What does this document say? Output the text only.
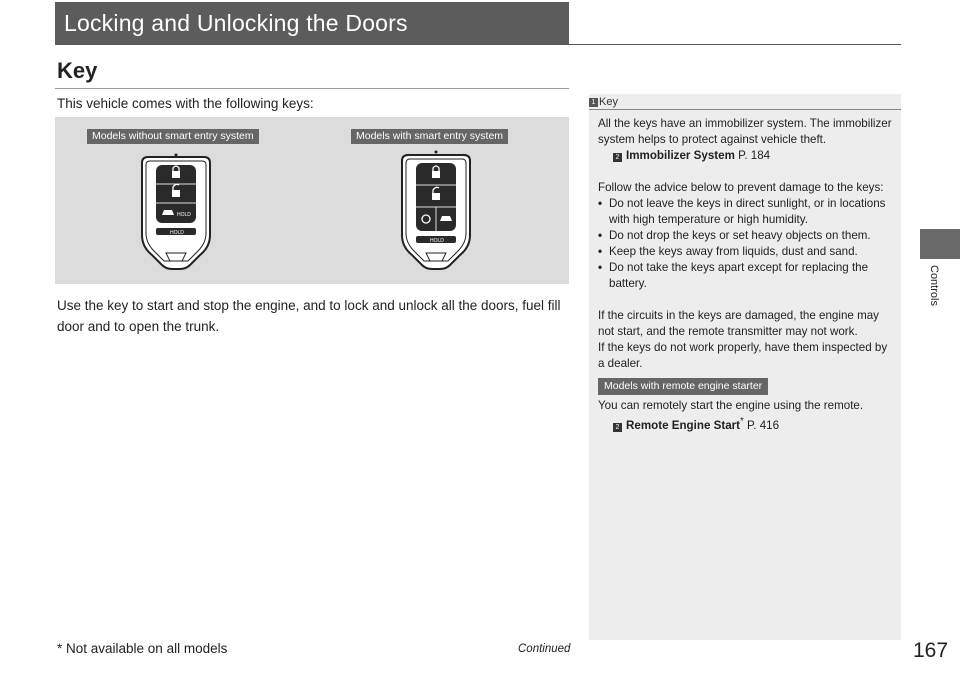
Locking and Unlocking the Doors
Key
This vehicle comes with the following keys:
Models without smart entry system	Models with smart entry system
HOLD
HOLD
HOLD
Use the key to start and stop the engine, and to lock and unlock all the doors, fuel fill door and to open the trunk.
1 Key

All the keys have an immobilizer system. The immobilizer system helps to protect against vehicle theft.

2 Immobilizer System P. 184

Follow the advice below to prevent damage to the keys:

• Do not leave the keys in direct sunlight, or in locations with high temperature or high humidity.
• Do not drop the keys or set heavy objects on them.
• Keep the keys away from liquids, dust and sand.
• Do not take the keys apart except for replacing the battery.

If the circuits in the keys are damaged, the engine may not start, and the remote transmitter may not work.

If the keys do not work properly, have them inspected by a dealer.

Models with remote engine starter

You can remotely start the engine using the remote.

2 Remote Engine Start* P. 416

* Not available on all models	Continued	167
Controls
